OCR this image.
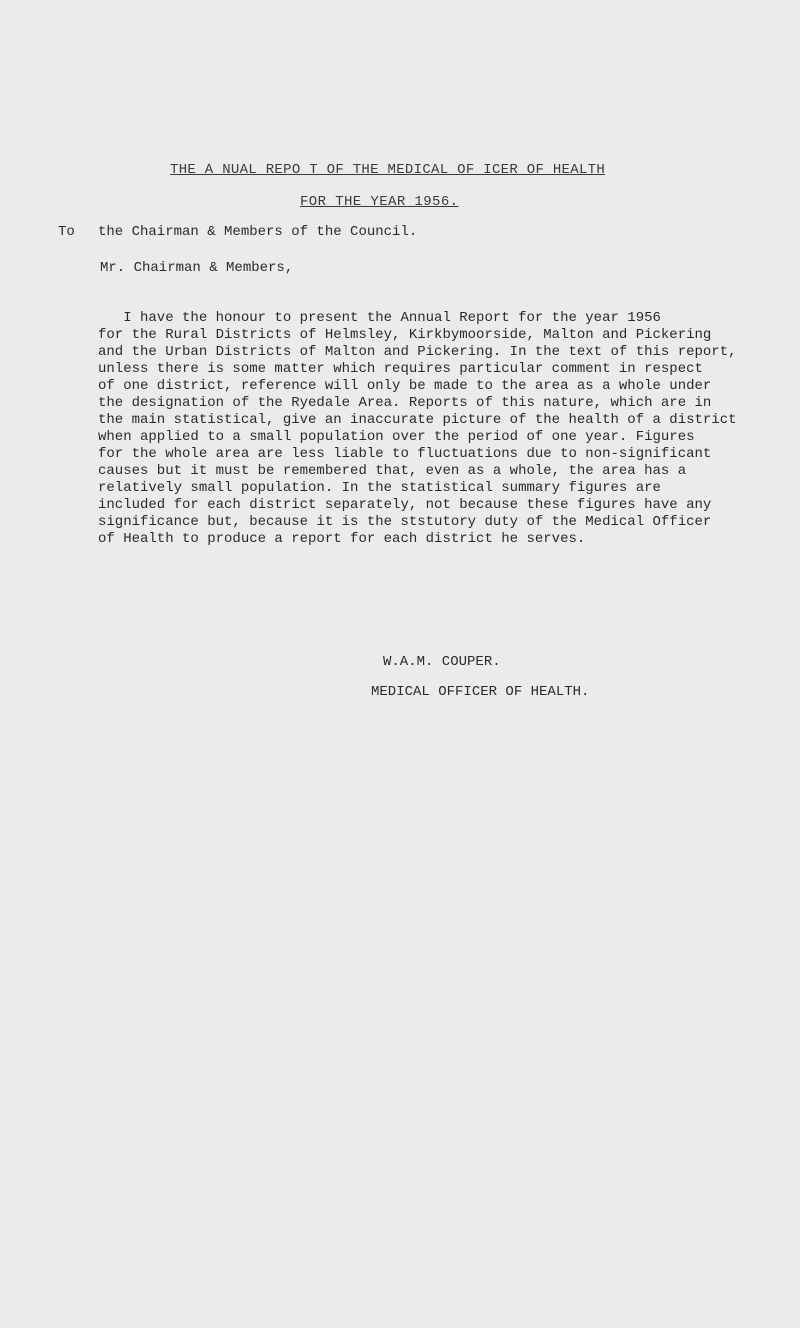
THE A NUAL REPO T OF THE MEDICAL OF ICER OF HEALTH
FOR THE YEAR 1956.

To

the Chairman & Members of the Council.

Mr. Chairman & Members,
I have the honour to present the Annual Report for the year 1956
for the Rural Districts of Helmsley, Kirkbymoorside, Malton and Pickering
and the Urban Districts of Malton and Pickering. In the text of this report,
unless there is some matter which requires particular comment in respect
of one district, reference will only be made to the area as a whole under
the designation of the Ryedale Area. Reports of this nature, which are in
the main statistical, give an inaccurate picture of the health of a district
when applied to a small population over the period of one year. Figures
for the whole area are less liable to fluctuations due to non-significant
causes but it must be remembered that, even as a whole, the area has a
relatively small population. In the statistical summary figures are
included for each district separately, not because these figures have any
significance but, because it is the ststutory duty of the Medical Officer
of Health to produce a report for each district he serves.
W.A.M. COUPER.
MEDICAL OFFICER OF HEALTH.
